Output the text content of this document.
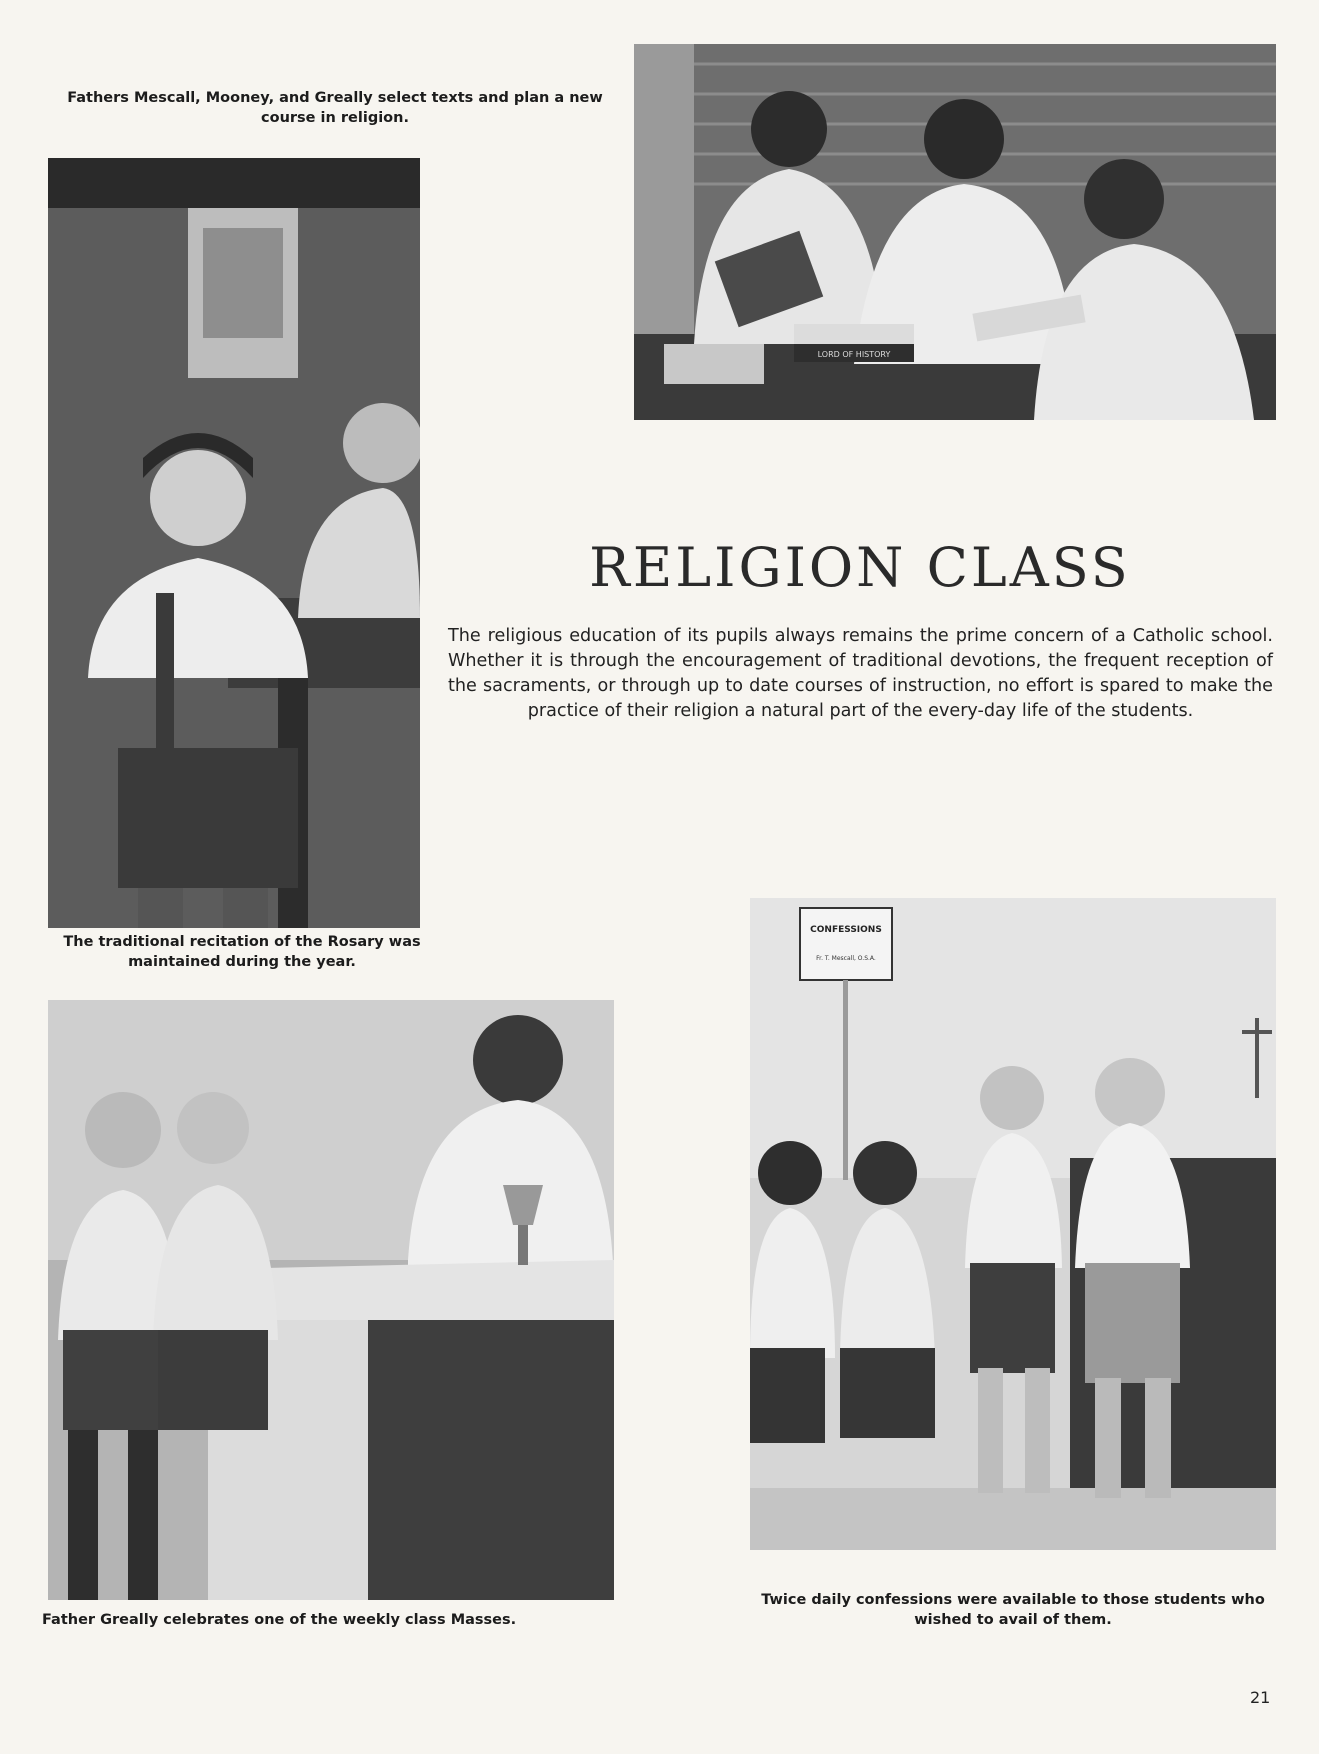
Fathers Mescall, Mooney, and Greally select texts and plan a new course in religion.
LORD OF HISTORY
The traditional recitation of the Rosary was maintained during the year.
RELIGION CLASS
The religious education of its pupils always remains the prime concern of a Catholic school. Whether it is through the encouragement of traditional devotions, the frequent reception of the sacraments, or through up to date courses of instruction, no effort is spared to make the practice of their religion a natural part of the every-day life of the students.
Father Greally celebrates one of the weekly class Masses.
CONFESSIONS
Fr. T. Mescall, O.S.A.
Twice daily confessions were available to those students who wished to avail of them.
21
